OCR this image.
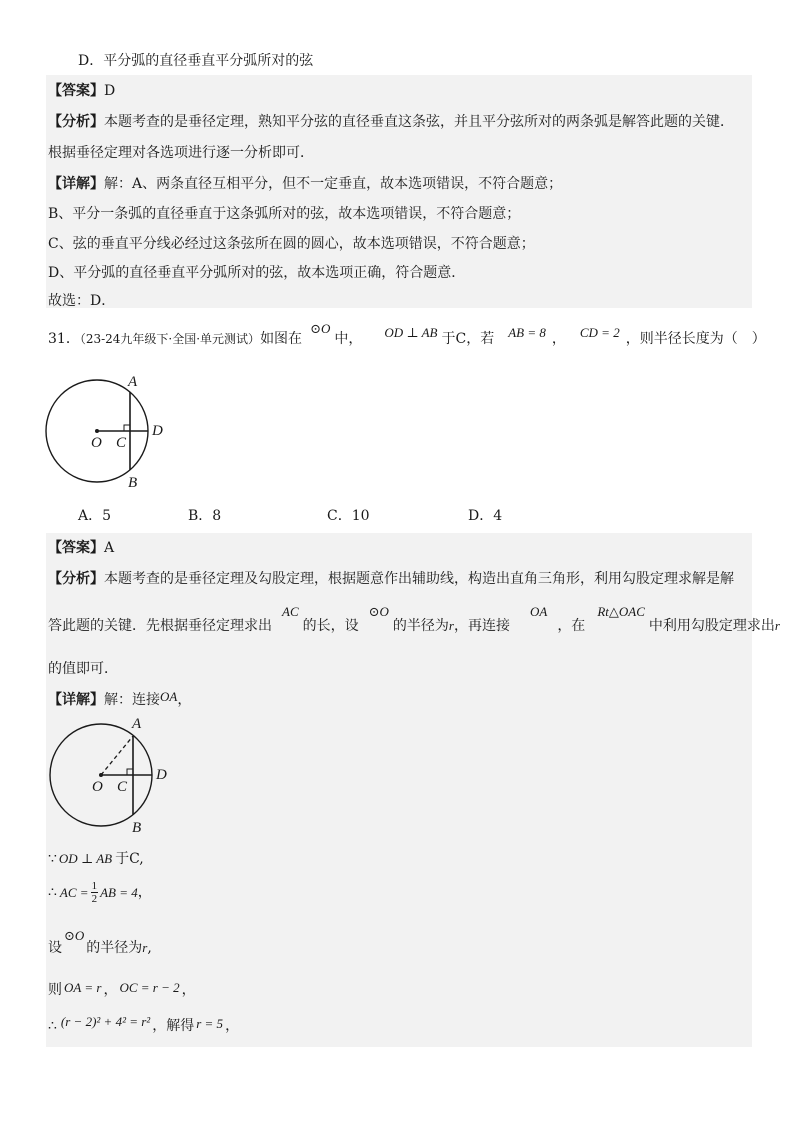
D．平分弧的直径垂直平分弧所对的弦
【答案】D
【分析】本题考查的是垂径定理，熟知平分弦的直径垂直这条弦，并且平分弦所对的两条弧是解答此题的关键．
根据垂径定理对各选项进行逐一分析即可．
【详解】解：A、两条直径互相平分，但不一定垂直，故本选项错误，不符合题意；
B、平分一条弧的直径垂直于这条弧所对的弦，故本选项错误，不符合题意；
C、弦的垂直平分线必经过这条弦所在圆的圆心，故本选项错误，不符合题意；
D、平分弧的直径垂直平分弧所对的弦，故本选项正确，符合题意．
故选：D．
31．（23-24九年级下·全国·单元测试）如图在⊙O中， OD ⊥ AB 于C，若 AB = 8 ， CD = 2 ，则半径长度为（　）
A
D
O C
B
A．5	B．8	C．10	D．4
【答案】A
【分析】本题考查的是垂径定理及勾股定理，根据题意作出辅助线，构造出直角三角形，利用勾股定理求解是解
答此题的关键．先根据垂径定理求出AC的长，设⊙O的半径为r，再连接OA，在Rt△OAC中利用勾股定理求出r
的值即可．
【详解】解：连接OA，
A
D
O C
B
∵ OD ⊥ AB 于C,
∴ AC = $\frac{1}{2}$ AB = 4，
设⊙O的半径为r,
则 OA = r ， OC = r − 2 ，
∴ (r − 2)² + 4² = r² ，解得 r = 5 ，
